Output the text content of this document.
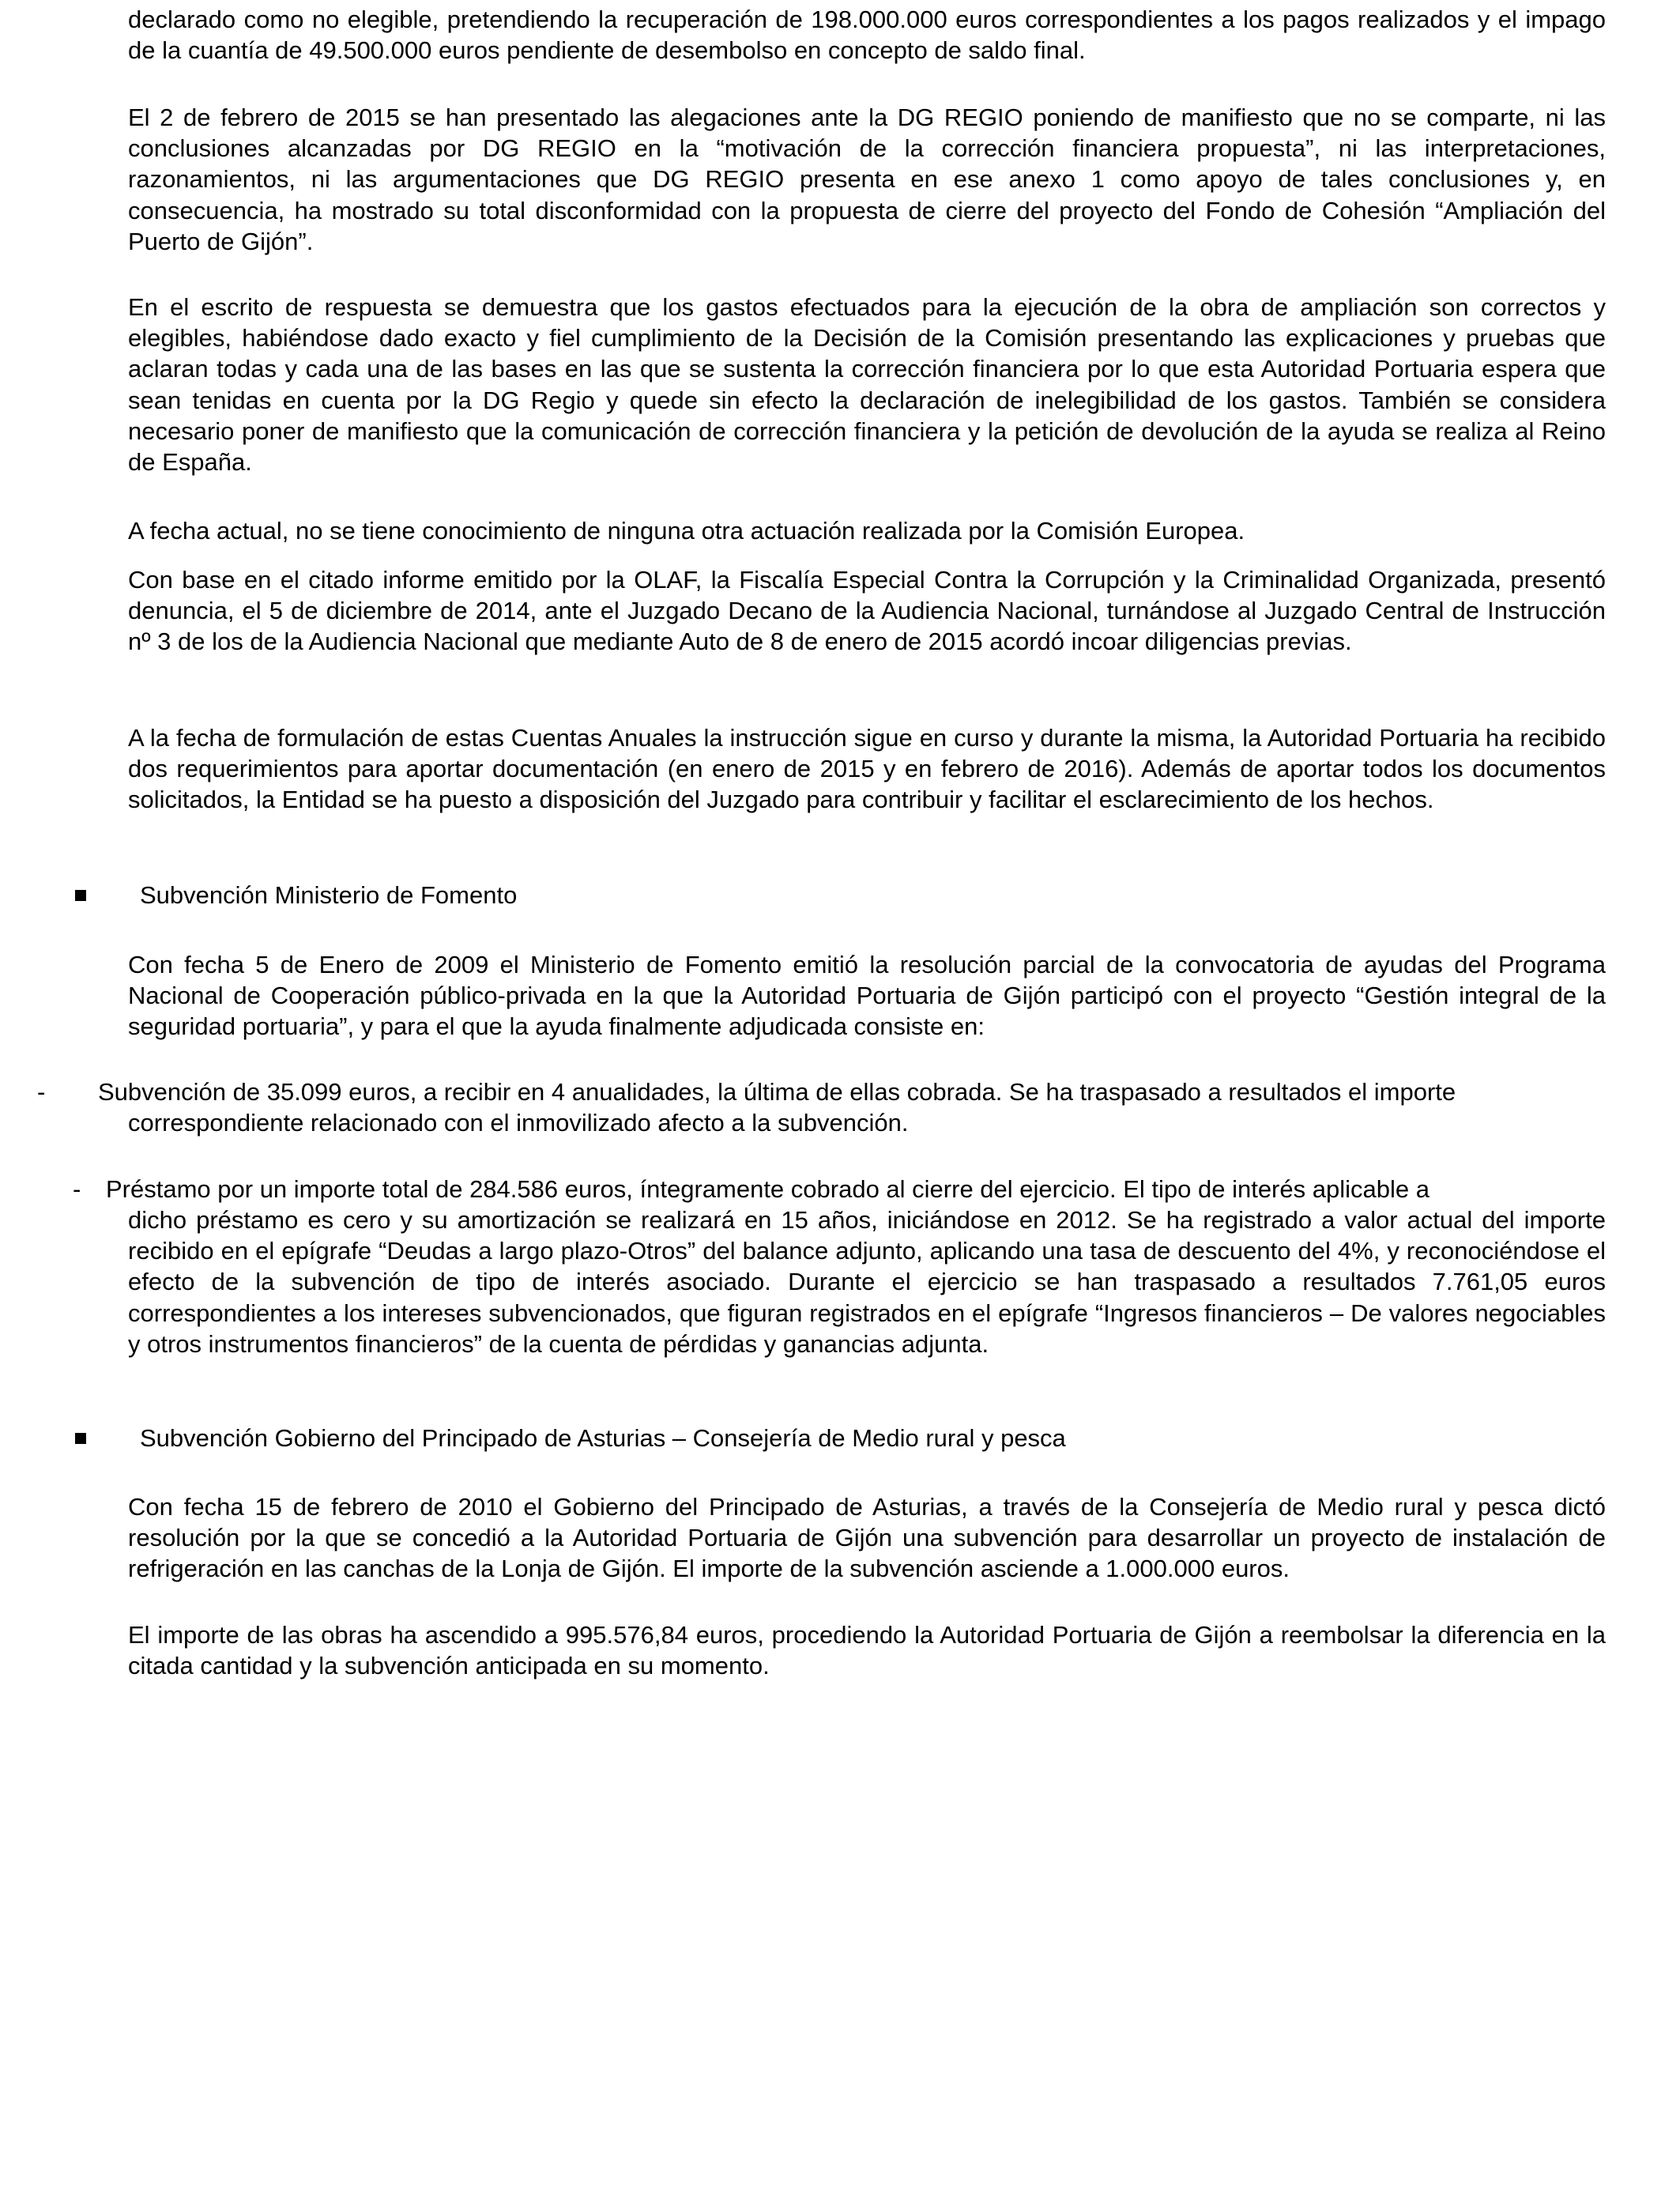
declarado como no elegible, pretendiendo la recuperación de 198.000.000 euros correspondientes a los pagos realizados y el impago de la cuantía de 49.500.000 euros pendiente de desembolso en concepto de saldo final.

El 2 de febrero de 2015 se han presentado las alegaciones ante la DG REGIO poniendo de manifiesto que no se comparte, ni las conclusiones alcanzadas por DG REGIO en la “motivación de la corrección financiera propuesta”, ni las interpretaciones, razonamientos, ni las argumentaciones que DG REGIO presenta en ese anexo 1 como apoyo de tales conclusiones y, en consecuencia, ha mostrado su total disconformidad con la propuesta de cierre del proyecto del Fondo de Cohesión “Ampliación del Puerto de Gijón”.

En el escrito de respuesta se demuestra que los gastos efectuados para la ejecución de la obra de ampliación son correctos y elegibles, habiéndose dado exacto y fiel cumplimiento de la Decisión de la Comisión presentando las explicaciones y pruebas que aclaran todas y cada una de las bases en las que se sustenta la corrección financiera por lo que esta Autoridad Portuaria espera que sean tenidas en cuenta por la DG Regio y quede sin efecto la declaración de inelegibilidad de los gastos. También se considera necesario poner de manifiesto que la comunicación de corrección financiera y la petición de devolución de la ayuda se realiza al Reino de España.

A fecha actual, no se tiene conocimiento de ninguna otra actuación realizada por la Comisión Europea.

Con base en el citado informe emitido por la OLAF, la Fiscalía Especial Contra la Corrupción y la Criminalidad Organizada, presentó denuncia, el 5 de diciembre de 2014, ante el Juzgado Decano de la Audiencia Nacional, turnándose al Juzgado Central de Instrucción nº 3 de los de la Audiencia Nacional que mediante Auto de 8 de enero de 2015 acordó incoar diligencias previas.

A la fecha de formulación de estas Cuentas Anuales la instrucción sigue en curso y durante la misma, la Autoridad Portuaria ha recibido dos requerimientos para aportar documentación (en enero de 2015 y en febrero de 2016). Además de aportar todos los documentos solicitados, la Entidad se ha puesto a disposición del Juzgado para contribuir y facilitar el esclarecimiento de los hechos.

Subvención Ministerio de Fomento

Con fecha 5 de Enero de 2009 el Ministerio de Fomento emitió la resolución parcial de la convocatoria de ayudas del Programa Nacional de Cooperación público-privada en la que la Autoridad Portuaria de Gijón participó con el proyecto “Gestión integral de la seguridad portuaria”, y para el que la ayuda finalmente adjudicada consiste en:

- Subvención de 35.099 euros, a recibir en 4 anualidades, la última de ellas cobrada. Se ha traspasado a resultados el importe

correspondiente relacionado con el inmovilizado afecto a la subvención.

- Préstamo por un importe total de 284.586 euros, íntegramente cobrado al cierre del ejercicio. El tipo de interés aplicable a

dicho préstamo es cero y su amortización se realizará en 15 años, iniciándose en 2012. Se ha registrado a valor actual del importe recibido en el epígrafe “Deudas a largo plazo-Otros” del balance adjunto, aplicando una tasa de descuento del 4%, y reconociéndose el efecto de la subvención de tipo de interés asociado. Durante el ejercicio se han traspasado a resultados 7.761,05 euros correspondientes a los intereses subvencionados, que figuran registrados en el epígrafe “Ingresos financieros – De valores negociables y otros instrumentos financieros” de la cuenta de pérdidas y ganancias adjunta.

Subvención Gobierno del Principado de Asturias – Consejería de Medio rural y pesca

Con fecha 15 de febrero de 2010 el Gobierno del Principado de Asturias, a través de la Consejería de Medio rural y pesca dictó resolución por la que se concedió a la Autoridad Portuaria de Gijón una subvención para desarrollar un proyecto de instalación de refrigeración en las canchas de la Lonja de Gijón. El importe de la subvención asciende a 1.000.000 euros.

El importe de las obras ha ascendido a 995.576,84 euros, procediendo la Autoridad Portuaria de Gijón a reembolsar la diferencia en la citada cantidad y la subvención anticipada en su momento.
